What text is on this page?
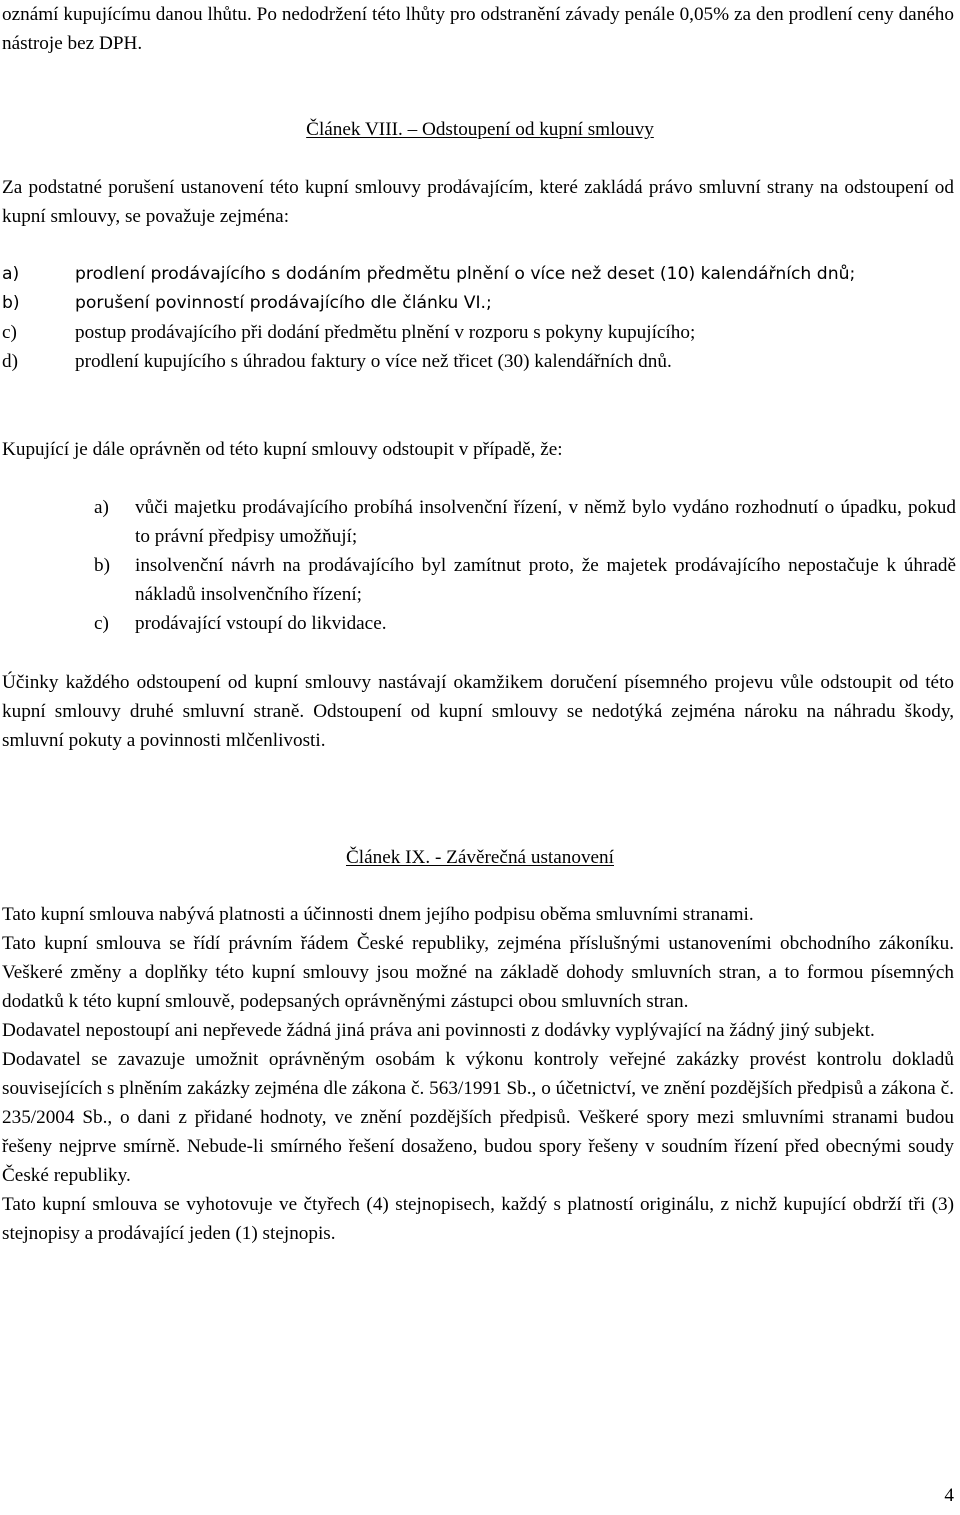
oznámí kupujícímu danou lhůtu. Po nedodržení této lhůty pro odstranění závady penále 0,05% za den prodlení ceny daného nástroje bez DPH.

Článek VIII. – Odstoupení od kupní smlouvy

Za podstatné porušení ustanovení této kupní smlouvy prodávajícím, které zakládá právo smluvní strany na odstoupení od kupní smlouvy, se považuje zejména:

a)	prodlení prodávajícího s dodáním předmětu plnění o více než deset (10) kalendářních dnů;
b)	porušení povinností prodávajícího dle článku VI.;
c)	postup prodávajícího při dodání předmětu plnění v rozporu s pokyny kupujícího;
d)	prodlení kupujícího s úhradou faktury o více než třicet (30) kalendářních dnů.

Kupující je dále oprávněn od této kupní smlouvy odstoupit v případě, že:

a) vůči majetku prodávajícího probíhá insolvenční řízení, v němž bylo vydáno rozhodnutí o úpadku, pokud to právní předpisy umožňují;
b) insolvenční návrh na prodávajícího byl zamítnut proto, že majetek prodávajícího nepostačuje k úhradě nákladů insolvenčního řízení;
c) prodávající vstoupí do likvidace.

Účinky každého odstoupení od kupní smlouvy nastávají okamžikem doručení písemného projevu vůle odstoupit od této kupní smlouvy druhé smluvní straně. Odstoupení od kupní smlouvy se nedotýká zejména nároku na náhradu škody, smluvní pokuty a povinnosti mlčenlivosti.

Článek IX. - Závěrečná ustanovení

Tato kupní smlouva nabývá platnosti a účinnosti dnem jejího podpisu oběma smluvními stranami.

Tato kupní smlouva se řídí právním řádem České republiky, zejména příslušnými ustanoveními obchodního zákoníku. Veškeré změny a doplňky této kupní smlouvy jsou možné na základě dohody smluvních stran, a to formou písemných dodatků k této kupní smlouvě, podepsaných oprávněnými zástupci obou smluvních stran.

Dodavatel nepostoupí ani nepřevede žádná jiná práva ani povinnosti z dodávky vyplývající na žádný jiný subjekt.

Dodavatel se zavazuje umožnit oprávněným osobám k výkonu kontroly veřejné zakázky provést kontrolu dokladů souvisejících s plněním zakázky zejména dle zákona č. 563/1991 Sb., o účetnictví, ve znění pozdějších předpisů a zákona č. 235/2004 Sb., o dani z přidané hodnoty, ve znění pozdějších předpisů. Veškeré spory mezi smluvními stranami budou řešeny nejprve smírně. Nebude-li smírného řešení dosaženo, budou spory řešeny v soudním řízení před obecnými soudy České republiky.

Tato kupní smlouva se vyhotovuje ve čtyřech (4) stejnopisech, každý s platností originálu, z nichž kupující obdrží tři (3) stejnopisy a prodávající jeden (1) stejnopis.

4
